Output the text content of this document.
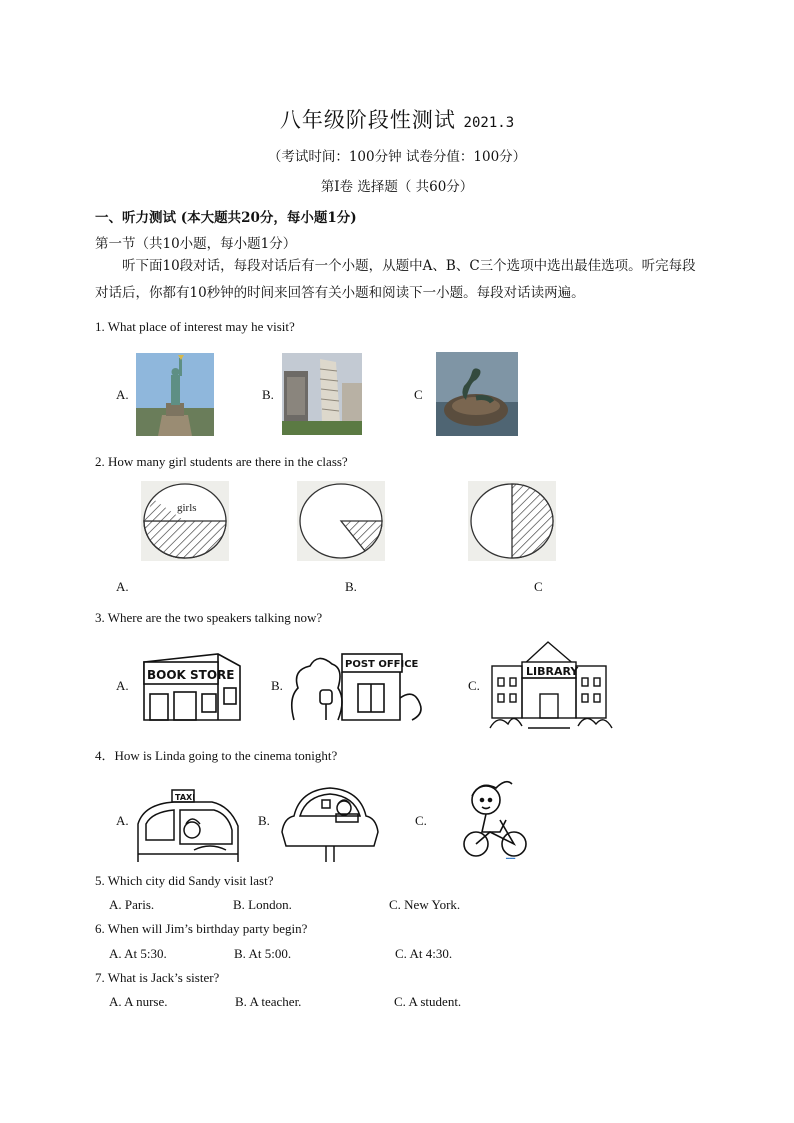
八年级阶段性测试 2021.3
（考试时间：100分钟 试卷分值：100分）
第Ⅰ卷 选择题（ 共60分）
一、听力测试 (本大题共20分，每小题1分)
第一节（共10小题，每小题1分）
听下面10段对话，每段对话后有一个小题，从题中A、B、C三个选项中选出最佳选项。听完每段对话后，你都有10秒钟的时间来回答有关小题和阅读下一小题。每段对话读两遍。
1. What place of interest may he visit?
A.	B.	C
2. How many girl students are there in the class?
girls
A.	B.	C
3. Where are the two speakers talking now?
A.	B.	C.
BOOK STORE
POST OFFICE
LIBRARY
4．How is Linda going to the cinema tonight?
A.	B.	C.
TAXI
▂▂▂
5. Which city did Sandy visit last?
A. Paris.	B. London.	C. New York.
6. When will Jim’s birthday party begin?
A. At 5:30.	B. At 5:00.	C. At 4:30.
7. What is Jack’s sister?
A. A nurse.	B. A teacher.	C. A student.
